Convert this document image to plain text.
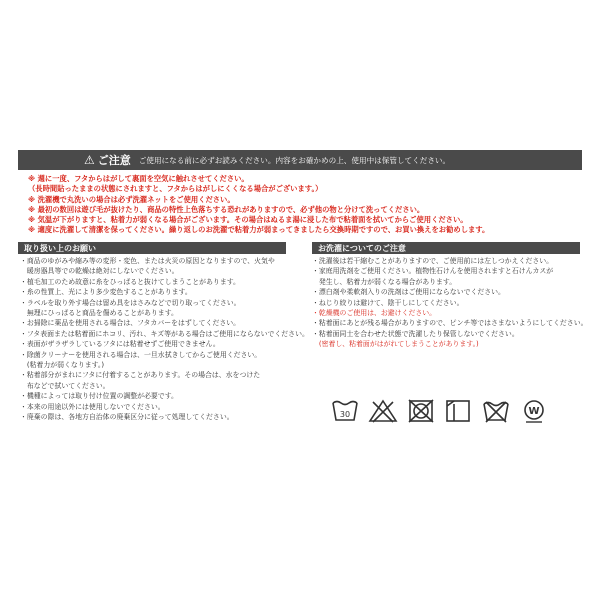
⚠ ご注意 ご使用になる前に必ずお読みください。内容をお確かめの上、使用中は保管してください。
※ 週に一度、フタからはがして裏面を空気に触れさせてください。
（長時間貼ったままの状態にされますと、フタからはがしにくくなる場合がございます。）
※ 洗濯機で丸洗いの場合は必ず洗濯ネットをご使用ください。
※ 最初の数回は遊び毛が抜けたり、商品の特性上色落ちする恐れがありますので、必ず他の物と分けて洗ってください。
※ 気温が下がりますと、粘着力が弱くなる場合がございます。その場合はぬるま湯に浸した布で粘着面を拭いてからご使用ください。
※ 適度に洗濯して清潔を保ってください。繰り返しのお洗濯で粘着力が弱まってきましたら交換時期ですので、お買い換えをお勧めします。
取り扱い上のお願い
・商品のゆがみや縮み等の変形・変色、または火災の原因となりますので、火気や
　暖房器具等での乾燥は絶対にしないでください。
・植毛加工のため故意に糸をひっぱると抜けてしまうことがあります。
・糸の性質上、光により多少変色することがあります。
・ラベルを取り外す場合は留め具をはさみなどで切り取ってください。
　無理にひっぱると商品を傷めることがあります。
・お掃除に薬品を使用される場合は、フタカバーをはずしてください。
・フタ表面または粘着面にホコリ、汚れ、キズ等がある場合はご使用にならないでください。
・表面がザラザラしているフタには粘着せずご使用できません。
・除菌クリーナーを使用される場合は、一旦水拭きしてからご使用ください。
　(粘着力が弱くなります。)
・粘着部分がまれにフタに付着することがあります。その場合は、水をつけた
　布などで拭いてください。
・機種によっては取り付け位置の調整が必要です。
・本来の用途以外には使用しないでください。
・廃棄の際は、各地方自治体の廃棄区分に従って処理してください。
お洗濯についてのご注意
・洗濯後は若干縮むことがありますので、ご使用前には左しつかえください。
・家庭用洗剤をご使用ください。植物性石けんを使用されますと石けんカスが
　発生し、粘着力が弱くなる場合があります。
・漂白剤や柔軟剤入りの洗剤はご使用にならないでください。
・ねじり絞りは避けて、陰干しにしてください。
・乾燥機のご使用は、お避けください。
・粘着面にあとが残る場合がありますので、ピンチ等ではさまないようにしてください。
・粘着面同士を合わせた状態で洗濯したり保管しないでください。
　(密着し、粘着面がはがれてしまうことがあります。)
30	W
